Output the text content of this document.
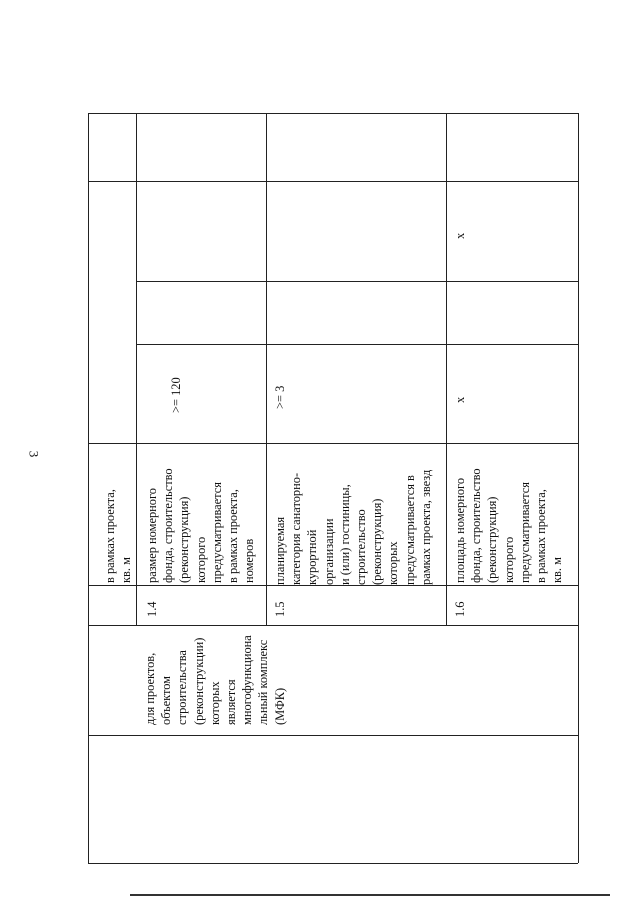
3
в рамках проекта,
кв. м
1.4
размер номерного
фонда, строительство
(реконструкция)
которого
предусматривается
в рамках проекта,
номеров
>= 120
1.5
планируемая
категория санаторно-
курортной
организации
и (или) гостиницы,
строительство
(реконструкция)
которых
предусматривается в
рамках проекта, звезд
>= 3
1.6
площадь номерного
фонда, строительство
(реконструкция)
которого
предусматривается
в рамках проекта,
кв. м
x
x
для проектов,
объектом
строительства
(реконструкции)
которых
является
многофункциона
льный комплекс
(МФК)
